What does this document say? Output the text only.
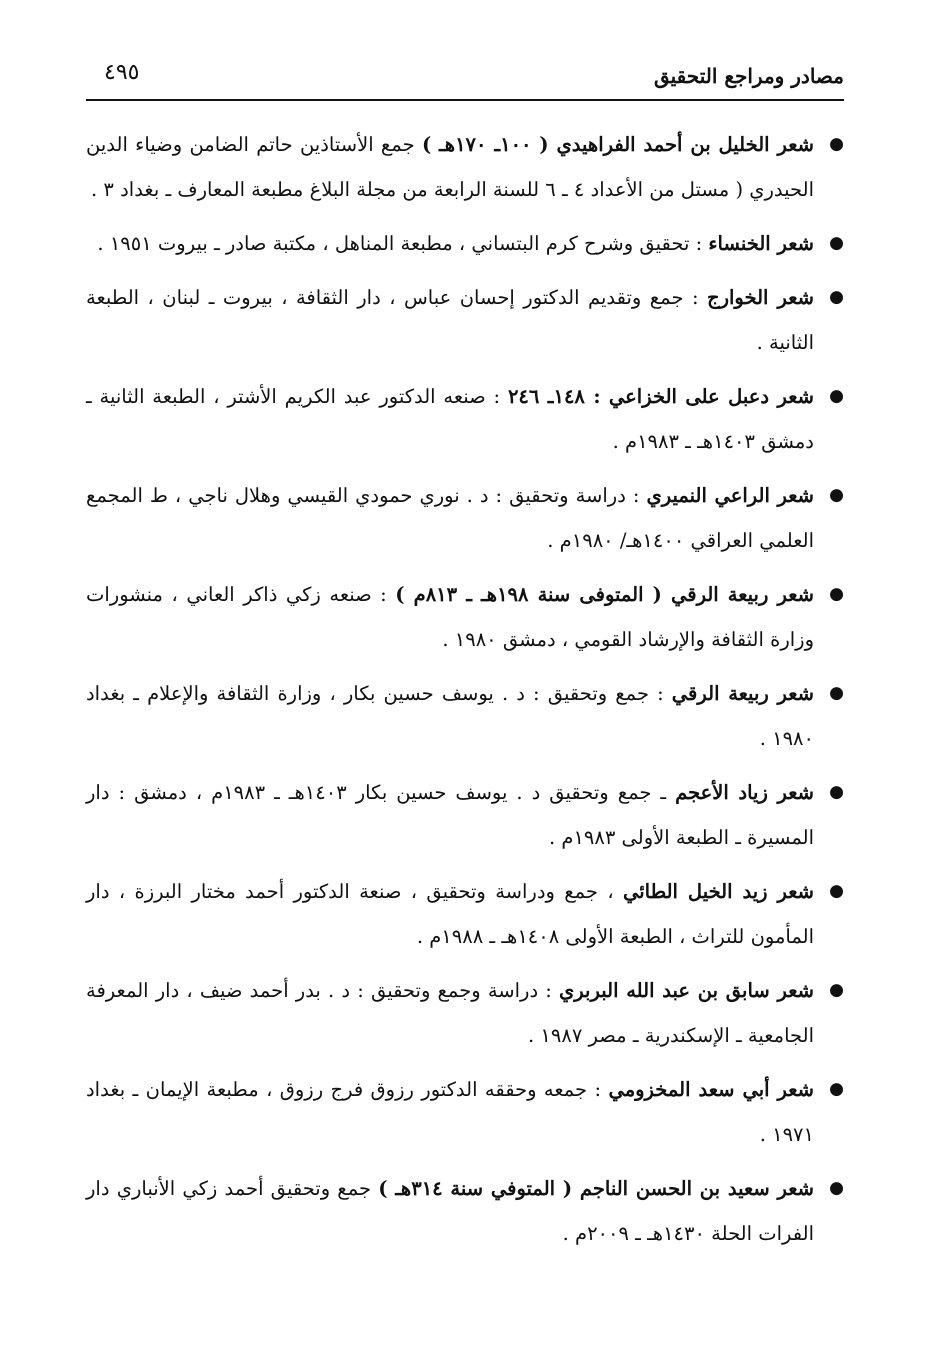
مصادر ومراجع التحقيق
٤٩٥

●
شعر الخليل بن أحمد الفراهيدي ( ١٠٠ـ ١٧٠هـ ) جمع الأستاذين حاتم الضامن وضياء الدين الحيدري ( مستل من الأعداد ٤ ـ ٦ للسنة الرابعة من مجلة البلاغ مطبعة المعارف ـ بغداد ٣ .

●
شعر الخنساء : تحقيق وشرح كرم البتساني ، مطبعة المناهل ، مكتبة صادر ـ بيروت ١٩٥١ .

●
شعر الخوارج : جمع وتقديم الدكتور إحسان عباس ، دار الثقافة ، بيروت ـ لبنان ، الطبعة الثانية .

●
شعر دعبل على الخزاعي : ١٤٨ـ ٢٤٦ : صنعه الدكتور عبد الكريم الأشتر ، الطبعة الثانية ـ دمشق ١٤٠٣هـ ـ ١٩٨٣م .

●
شعر الراعي النميري : دراسة وتحقيق : د . نوري حمودي القيسي وهلال ناجي ، ط المجمع العلمي العراقي ١٤٠٠هـ/ ١٩٨٠م .

●
شعر ربيعة الرقي ( المتوفى سنة ١٩٨هـ ـ ٨١٣م ) : صنعه زكي ذاكر العاني ، منشورات وزارة الثقافة والإرشاد القومي ، دمشق ١٩٨٠ .

●
شعر ربيعة الرقي : جمع وتحقيق : د . يوسف حسين بكار ، وزارة الثقافة والإعلام ـ بغداد ١٩٨٠ .

●
شعر زياد الأعجم ـ جمع وتحقيق د . يوسف حسين بكار ١٤٠٣هـ ـ ١٩٨٣م ، دمشق : دار المسيرة ـ الطبعة الأولى ١٩٨٣م .

●
شعر زيد الخيل الطائي ، جمع ودراسة وتحقيق ، صنعة الدكتور أحمد مختار البرزة ، دار المأمون للتراث ، الطبعة الأولى ١٤٠٨هـ ـ ١٩٨٨م .

●
شعر سابق بن عبد الله البربري : دراسة وجمع وتحقيق : د . بدر أحمد ضيف ، دار المعرفة الجامعية ـ الإسكندرية ـ مصر ١٩٨٧ .

●
شعر أبي سعد المخزومي : جمعه وحققه الدكتور رزوق فرج رزوق ، مطبعة الإيمان ـ بغداد ١٩٧١ .

●
شعر سعيد بن الحسن الناجم ( المتوفي سنة ٣١٤هـ ) جمع وتحقيق أحمد زكي الأنباري دار الفرات الحلة ١٤٣٠هـ ـ ٢٠٠٩م .
